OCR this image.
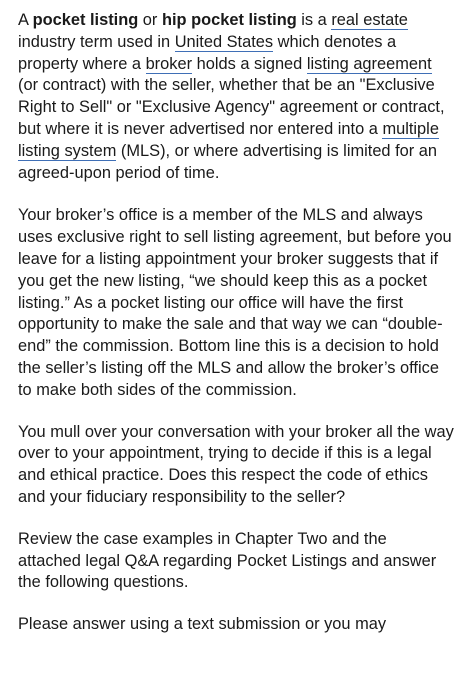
A pocket listing or hip pocket listing is a real estate industry term used in United States which denotes a property where a broker holds a signed listing agreement (or contract) with the seller, whether that be an "Exclusive Right to Sell" or "Exclusive Agency" agreement or contract, but where it is never advertised nor entered into a multiple listing system (MLS), or where advertising is limited for an agreed-upon period of time.

Your broker’s office is a member of the MLS and always uses exclusive right to sell listing agreement, but before you leave for a listing appointment your broker suggests that if you get the new listing, “we should keep this as a pocket listing.” As a pocket listing our office will have the first opportunity to make the sale and that way we can “double-end” the commission. Bottom line this is a decision to hold the seller’s listing off the MLS and allow the broker’s office to make both sides of the commission.

You mull over your conversation with your broker all the way over to your appointment, trying to decide if this is a legal and ethical practice. Does this respect the code of ethics and your fiduciary responsibility to the seller?

Review the case examples in Chapter Two and the attached legal Q&A regarding Pocket Listings and answer the following questions.

Please answer using a text submission or you may
